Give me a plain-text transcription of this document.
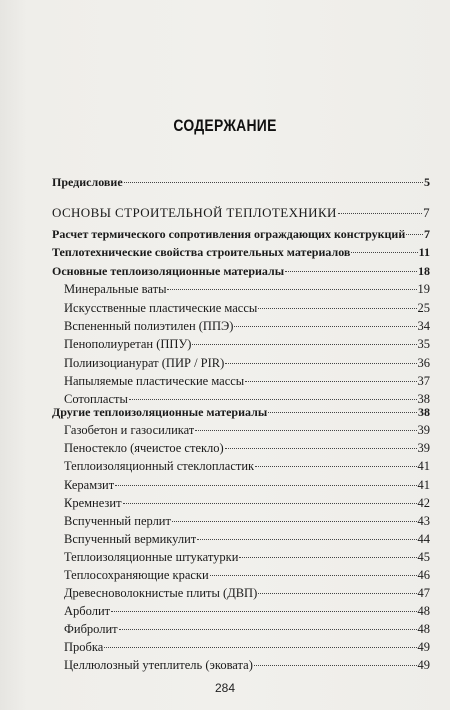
СОДЕРЖАНИЕ
Предисловие	5
ОСНОВЫ СТРОИТЕЛЬНОЙ ТЕПЛОТЕХНИКИ	7
Расчет термического сопротивления ограждающих конструкций 7
Теплотехнические свойства строительных материалов	11
Основные теплоизоляционные материалы	18
Минеральные ваты	19
Искусственные пластические массы	25
Вспененный полиэтилен (ППЭ)	34
Пенополиуретан (ППУ)	35
Полиизоцианурат (ПИР / PIR)	36
Напыляемые пластические массы	37
Сотопласты	38
Другие теплоизоляционные материалы	38
Газобетон и газосиликат	39
Пеностекло (ячеистое стекло)	39
Теплоизоляционный стеклопластик	41
Керамзит	41
Кремнезит	42
Вспученный перлит	43
Вспученный вермикулит	44
Теплоизоляционные штукатурки	45
Теплосохраняющие краски	46
Древесноволокнистые плиты (ДВП)	47
Арболит	48
Фибролит	48
Пробка	49
Целлюлозный утеплитель (эковата)	49
284
